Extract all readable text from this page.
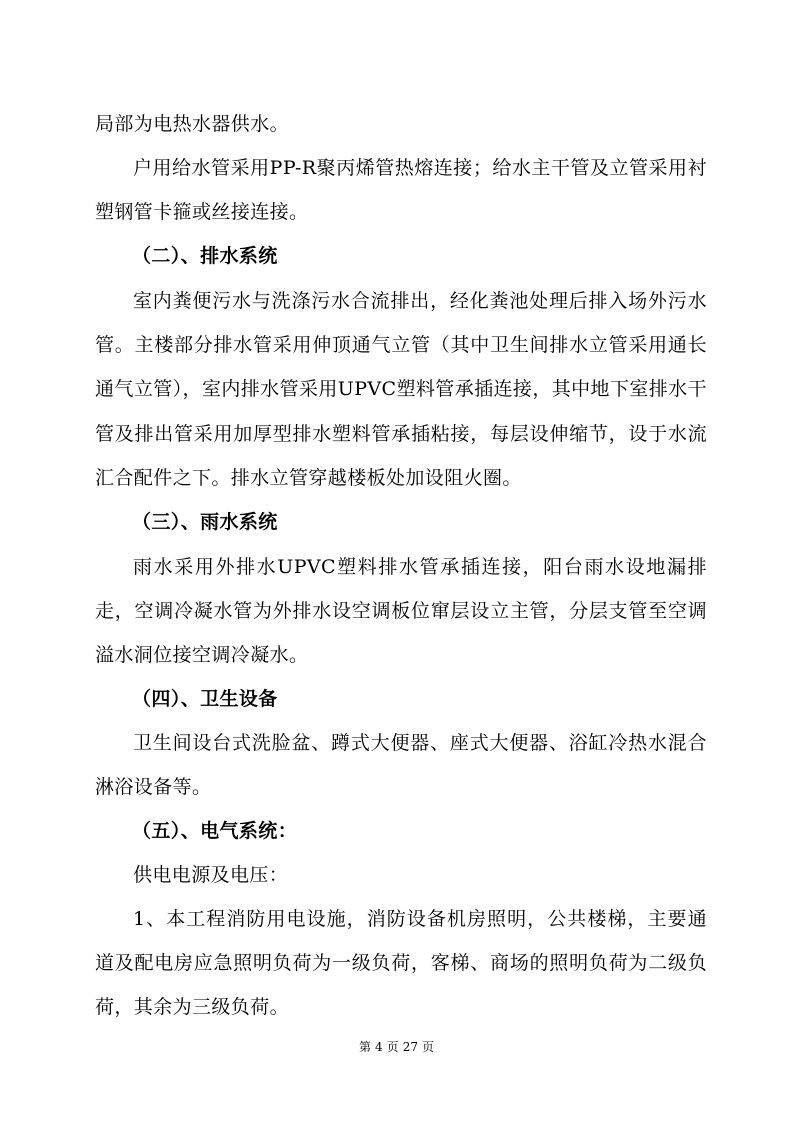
局部为电热水器供水。

户用给水管采用PP-R聚丙烯管热熔连接；给水主干管及立管采用衬塑钢管卡箍或丝接连接。

（二）、排水系统

室内粪便污水与洗涤污水合流排出，经化粪池处理后排入场外污水管。主楼部分排水管采用伸顶通气立管（其中卫生间排水立管采用通长通气立管），室内排水管采用UPVC塑料管承插连接，其中地下室排水干管及排出管采用加厚型排水塑料管承插粘接，每层设伸缩节，设于水流汇合配件之下。排水立管穿越楼板处加设阻火圈。

（三）、雨水系统

雨水采用外排水UPVC塑料排水管承插连接，阳台雨水设地漏排走，空调冷凝水管为外排水设空调板位窜层设立主管，分层支管至空调溢水洞位接空调冷凝水。

（四）、卫生设备

卫生间设台式洗脸盆、蹲式大便器、座式大便器、浴缸冷热水混合淋浴设备等。

（五）、电气系统：

供电电源及电压：

1、本工程消防用电设施，消防设备机房照明，公共楼梯，主要通道及配电房应急照明负荷为一级负荷，客梯、商场的照明负荷为二级负荷，其余为三级负荷。

第 4 页 27 页
